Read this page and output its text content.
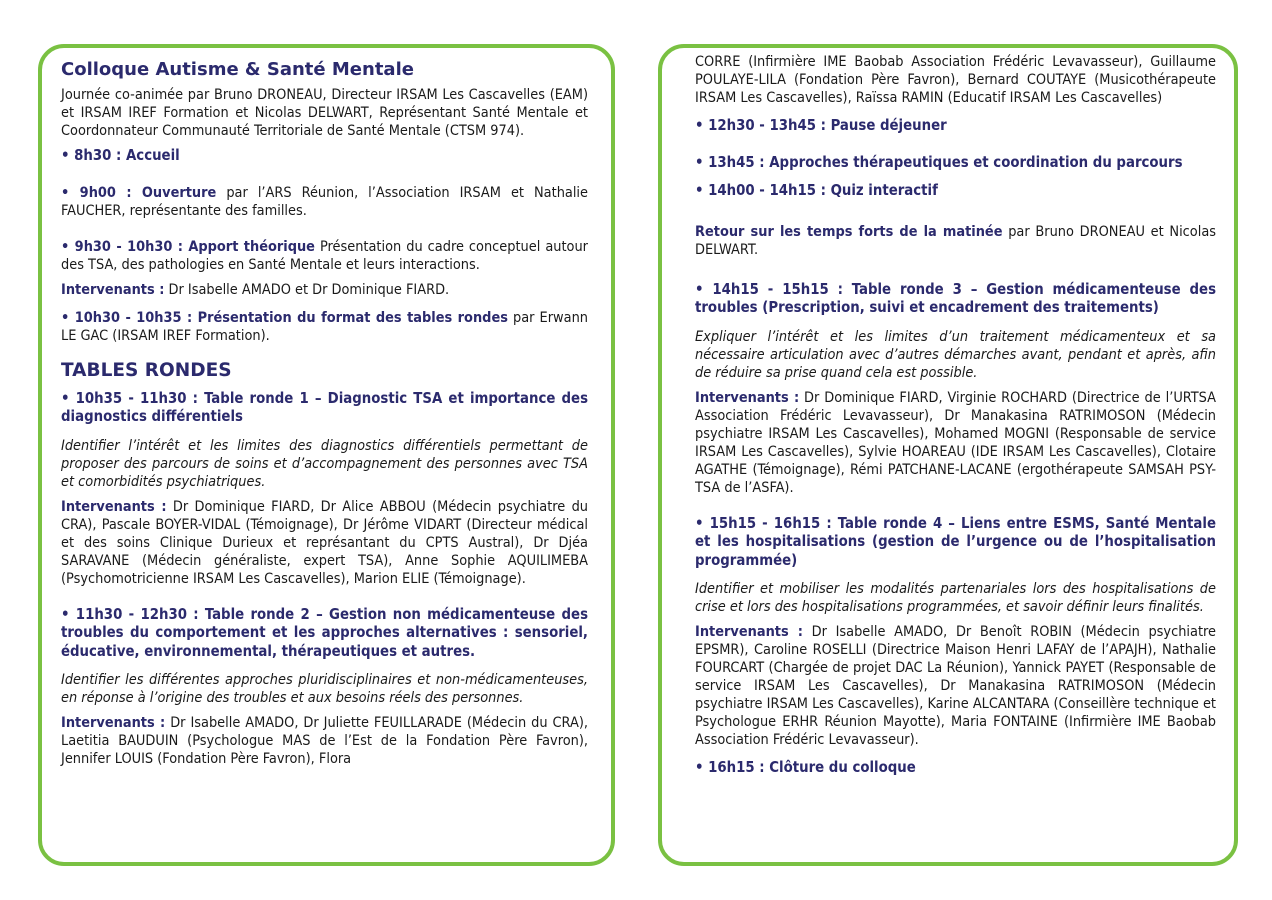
Colloque Autisme & Santé Mentale

Journée co-animée par Bruno DRONEAU, Directeur IRSAM Les Cascavelles (EAM) et IRSAM IREF Formation et Nicolas DELWART, Représentant Santé Mentale et Coordonnateur Communauté Territoriale de Santé Mentale (CTSM 974).

• 8h30 : Accueil

• 9h00 : Ouverture par l’ARS Réunion, l’Association IRSAM et Nathalie FAUCHER, représentante des familles.

• 9h30 - 10h30 : Apport théorique Présentation du cadre conceptuel autour des TSA, des pathologies en Santé Mentale et leurs interactions.

Intervenants : Dr Isabelle AMADO et Dr Dominique FIARD.

• 10h30 - 10h35 : Présentation du format des tables rondes par Erwann LE GAC (IRSAM IREF Formation).

TABLES RONDES
• 10h35 - 11h30 : Table ronde 1 – Diagnostic TSA et importance des diagnostics différentiels

Identifier l’intérêt et les limites des diagnostics différentiels permettant de proposer des parcours de soins et d’accompagnement des personnes avec TSA et comorbidités psychiatriques.

Intervenants : Dr Dominique FIARD, Dr Alice ABBOU (Médecin psychiatre du CRA), Pascale BOYER-VIDAL (Témoignage), Dr Jérôme VIDART (Directeur médical et des soins Clinique Durieux et représantant du CPTS Austral), Dr Djéa SARAVANE (Médecin généraliste, expert TSA), Anne Sophie AQUILIMEBA (Psychomotricienne IRSAM Les Cascavelles), Marion ELIE (Témoignage).

• 11h30 - 12h30 : Table ronde 2 – Gestion non médicamenteuse des troubles du comportement et les approches alternatives : sensoriel, éducative, environnemental, thérapeutiques et autres.

Identifier les différentes approches pluridisciplinaires et non-médicamenteuses, en réponse à l’origine des troubles et aux besoins réels des personnes.

Intervenants : Dr Isabelle AMADO, Dr Juliette FEUILLARADE (Médecin du CRA), Laetitia BAUDUIN (Psychologue MAS de l’Est de la Fondation Père Favron), Jennifer LOUIS (Fondation Père Favron), Flora

CORRE (Infirmière IME Baobab Association Frédéric Levavasseur), Guillaume POULAYE-LILA (Fondation Père Favron), Bernard COUTAYE (Musicothérapeute IRSAM Les Cascavelles), Raïssa RAMIN (Educatif IRSAM Les Cascavelles)

• 12h30 - 13h45 : Pause déjeuner
• 13h45 : Approches thérapeutiques et coordination du parcours
• 14h00 - 14h15 : Quiz interactif

Retour sur les temps forts de la matinée par Bruno DRONEAU et Nicolas DELWART.

• 14h15 - 15h15 : Table ronde 3 – Gestion médicamenteuse des troubles (Prescription, suivi et encadrement des traitements)

Expliquer l’intérêt et les limites d’un traitement médicamenteux et sa nécessaire articulation avec d’autres démarches avant, pendant et après, afin de réduire sa prise quand cela est possible.

Intervenants : Dr Dominique FIARD, Virginie ROCHARD (Directrice de l’URTSA Association Frédéric Levavasseur), Dr Manakasina RATRIMOSON (Médecin psychiatre IRSAM Les Cascavelles), Mohamed MOGNI (Responsable de service IRSAM Les Cascavelles), Sylvie HOAREAU (IDE IRSAM Les Cascavelles), Clotaire AGATHE (Témoignage), Rémi PATCHANE-LACANE (ergothérapeute SAMSAH PSY-TSA de l’ASFA).

• 15h15 - 16h15 : Table ronde 4 – Liens entre ESMS, Santé Mentale et les hospitalisations (gestion de l’urgence ou de l’hospitalisation programmée)

Identifier et mobiliser les modalités partenariales lors des hospitalisations de crise et lors des hospitalisations programmées, et savoir définir leurs finalités.

Intervenants : Dr Isabelle AMADO, Dr Benoît ROBIN (Médecin psychiatre EPSMR), Caroline ROSELLI (Directrice Maison Henri LAFAY de l’APAJH), Nathalie FOURCART (Chargée de projet DAC La Réunion), Yannick PAYET (Responsable de service IRSAM Les Cascavelles), Dr Manakasina RATRIMOSON (Médecin psychiatre IRSAM Les Cascavelles), Karine ALCANTARA (Conseillère technique et Psychologue ERHR Réunion Mayotte), Maria FONTAINE (Infirmière IME Baobab Association Frédéric Levavasseur).

• 16h15 : Clôture du colloque
